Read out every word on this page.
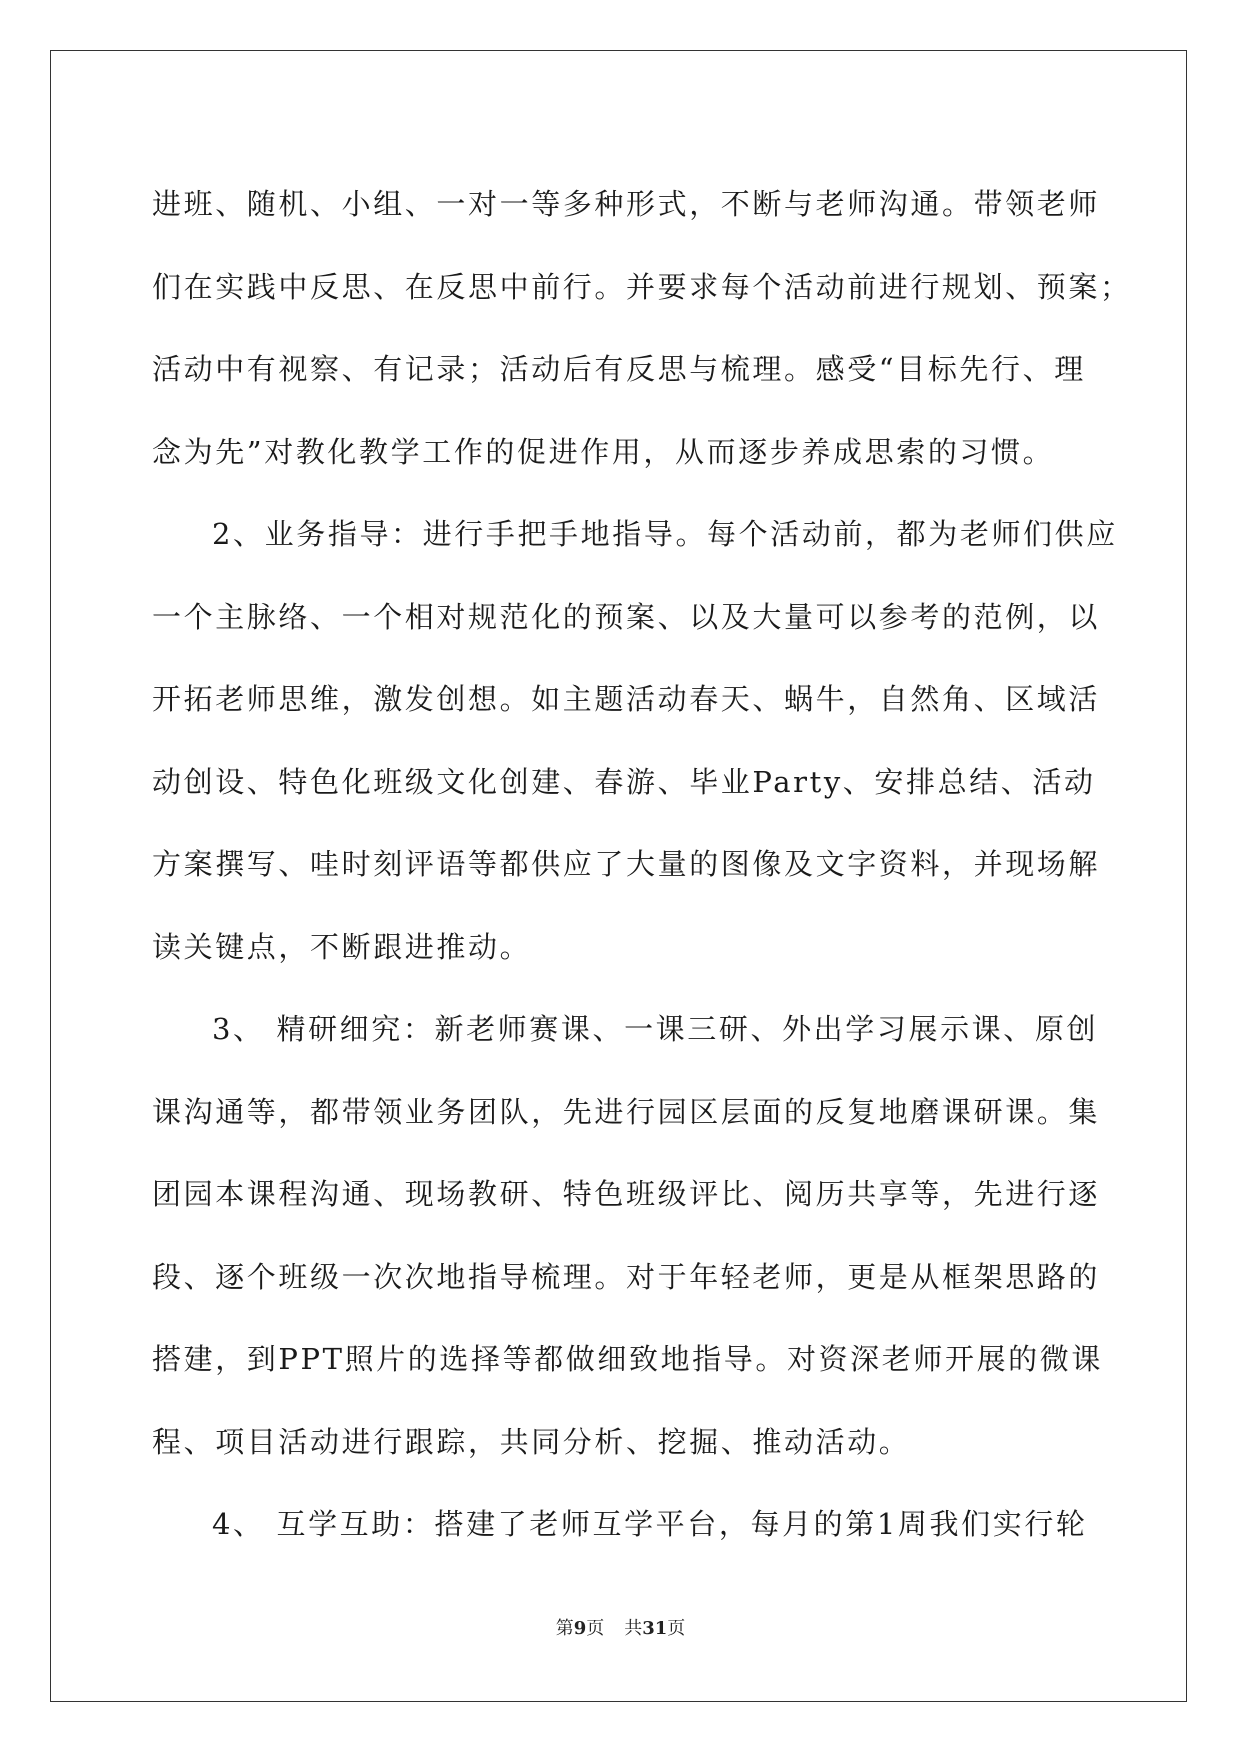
进班、随机、小组、一对一等多种形式，不断与老师沟通。带领老师
们在实践中反思、在反思中前行。并要求每个活动前进行规划、预案；
活动中有视察、有记录；活动后有反思与梳理。感受“目标先行、理
念为先”对教化教学工作的促进作用，从而逐步养成思索的习惯。
2、业务指导：进行手把手地指导。每个活动前，都为老师们供应
一个主脉络、一个相对规范化的预案、以及大量可以参考的范例，以
开拓老师思维，激发创想。如主题活动春天、蜗牛，自然角、区域活
动创设、特色化班级文化创建、春游、毕业Party、安排总结、活动
方案撰写、哇时刻评语等都供应了大量的图像及文字资料，并现场解
读关键点，不断跟进推动。
3、 精研细究：新老师赛课、一课三研、外出学习展示课、原创
课沟通等，都带领业务团队，先进行园区层面的反复地磨课研课。集
团园本课程沟通、现场教研、特色班级评比、阅历共享等，先进行逐
段、逐个班级一次次地指导梳理。对于年轻老师，更是从框架思路的
搭建，到PPT照片的选择等都做细致地指导。对资深老师开展的微课
程、项目活动进行跟踪，共同分析、挖掘、推动活动。
4、 互学互助：搭建了老师互学平台，每月的第1周我们实行轮
第9页 共31页
